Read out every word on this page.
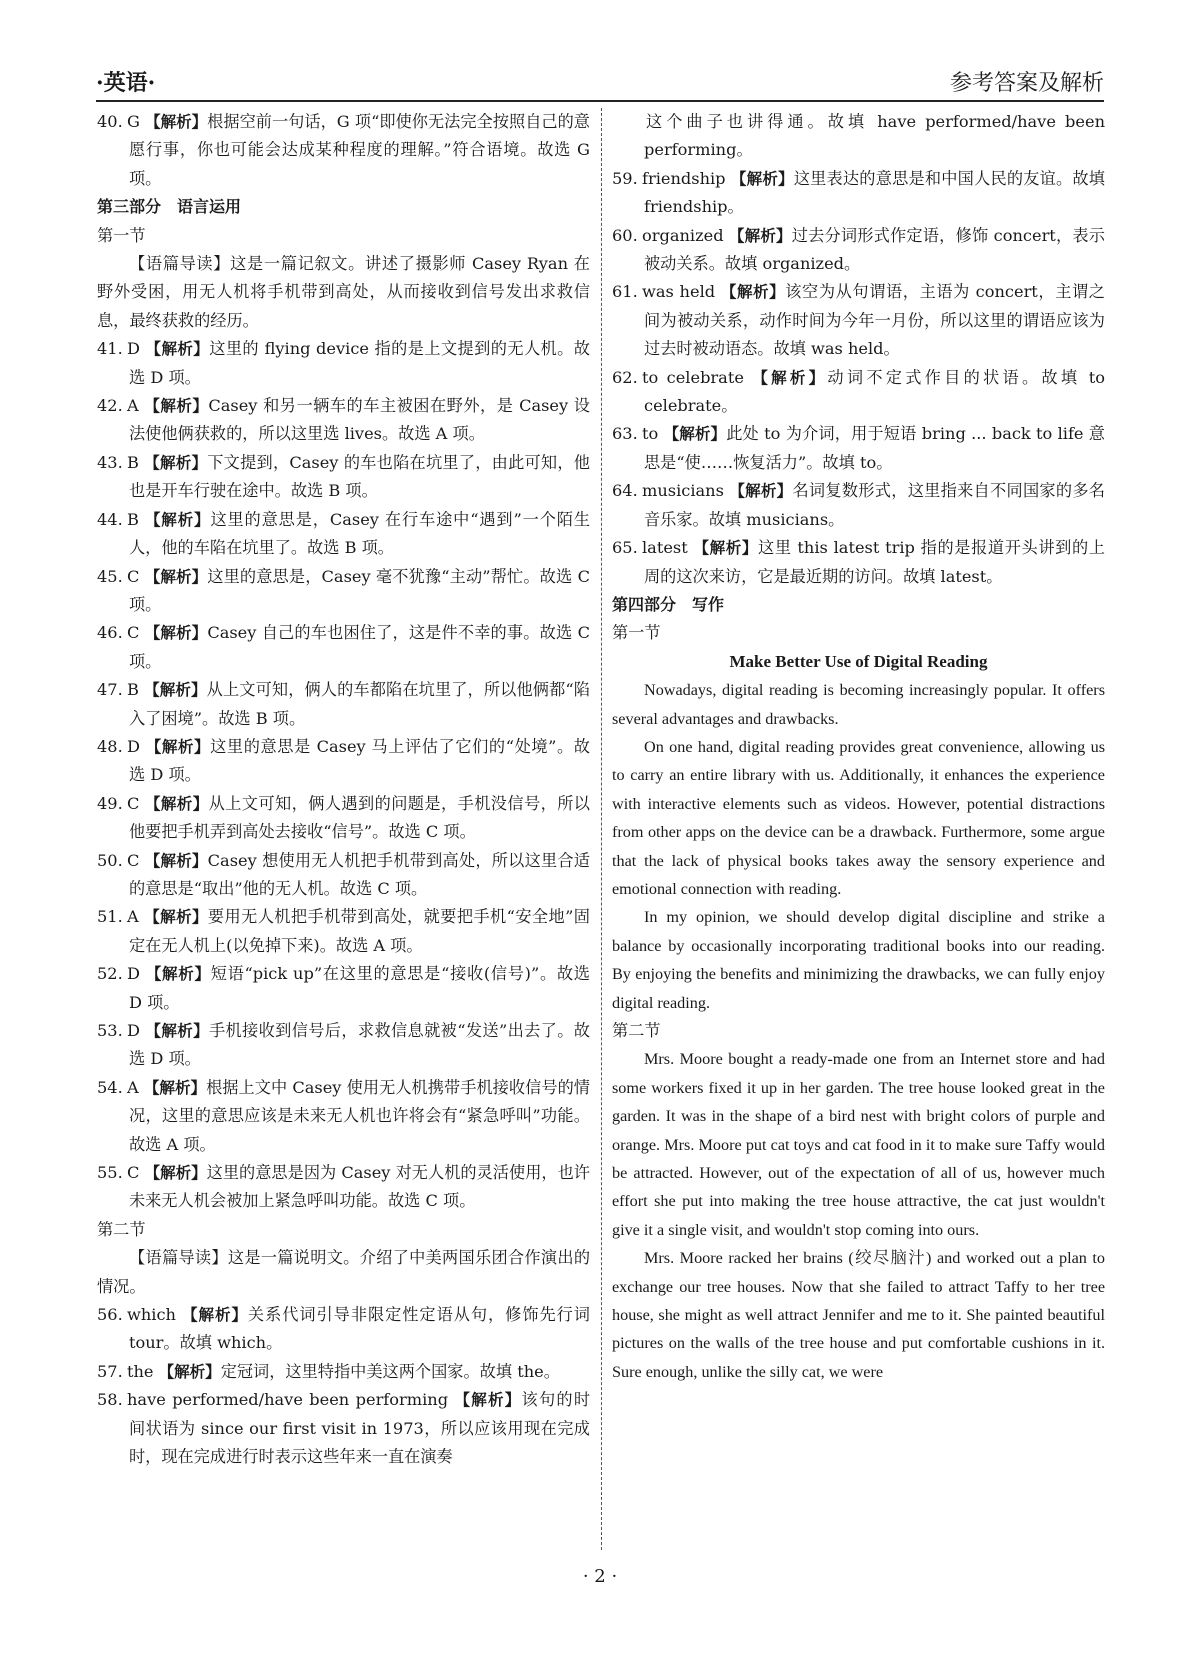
·英语·	参考答案及解析

40. G 【解析】根据空前一句话，G 项“即使你无法完全按照自己的意愿行事，你也可能会达成某种程度的理解。”符合语境。故选 G 项。

第三部分　语言运用

第一节

【语篇导读】这是一篇记叙文。讲述了摄影师 Casey Ryan 在野外受困，用无人机将手机带到高处，从而接收到信号发出求救信息，最终获救的经历。

41. D 【解析】这里的 flying device 指的是上文提到的无人机。故选 D 项。

42. A 【解析】Casey 和另一辆车的车主被困在野外，是 Casey 设法使他俩获救的，所以这里选 lives。故选 A 项。

43. B 【解析】下文提到，Casey 的车也陷在坑里了，由此可知，他也是开车行驶在途中。故选 B 项。

44. B 【解析】这里的意思是，Casey 在行车途中“遇到”一个陌生人，他的车陷在坑里了。故选 B 项。

45. C 【解析】这里的意思是，Casey 毫不犹豫“主动”帮忙。故选 C 项。

46. C 【解析】Casey 自己的车也困住了，这是件不幸的事。故选 C 项。

47. B 【解析】从上文可知，俩人的车都陷在坑里了，所以他俩都“陷入了困境”。故选 B 项。

48. D 【解析】这里的意思是 Casey 马上评估了它们的“处境”。故选 D 项。

49. C 【解析】从上文可知，俩人遇到的问题是，手机没信号，所以他要把手机弄到高处去接收“信号”。故选 C 项。

50. C 【解析】Casey 想使用无人机把手机带到高处，所以这里合适的意思是“取出”他的无人机。故选 C 项。

51. A 【解析】要用无人机把手机带到高处，就要把手机“安全地”固定在无人机上(以免掉下来)。故选 A 项。

52. D 【解析】短语“pick up”在这里的意思是“接收(信号)”。故选 D 项。

53. D 【解析】手机接收到信号后，求救信息就被“发送”出去了。故选 D 项。

54. A 【解析】根据上文中 Casey 使用无人机携带手机接收信号的情况，这里的意思应该是未来无人机也许将会有“紧急呼叫”功能。故选 A 项。

55. C 【解析】这里的意思是因为 Casey 对无人机的灵活使用，也许未来无人机会被加上紧急呼叫功能。故选 C 项。

第二节

【语篇导读】这是一篇说明文。介绍了中美两国乐团合作演出的情况。

56. which 【解析】关系代词引导非限定性定语从句，修饰先行词 tour。故填 which。

57. the 【解析】定冠词，这里特指中美这两个国家。故填 the。

58. have performed/have been performing 【解析】该句的时间状语为 since our first visit in 1973，所以应该用现在完成时，现在完成进行时表示这些年来一直在演奏

这个曲子也讲得通。故填 have performed/have been performing。

59. friendship 【解析】这里表达的意思是和中国人民的友谊。故填 friendship。

60. organized 【解析】过去分词形式作定语，修饰 concert，表示被动关系。故填 organized。

61. was held 【解析】该空为从句谓语，主语为 concert，主谓之间为被动关系，动作时间为今年一月份，所以这里的谓语应该为过去时被动语态。故填 was held。

62. to celebrate 【解析】动词不定式作目的状语。故填 to celebrate。

63. to 【解析】此处 to 为介词，用于短语 bring ... back to life 意思是“使……恢复活力”。故填 to。

64. musicians 【解析】名词复数形式，这里指来自不同国家的多名音乐家。故填 musicians。

65. latest 【解析】这里 this latest trip 指的是报道开头讲到的上周的这次来访，它是最近期的访问。故填 latest。

第四部分　写作

第一节

Make Better Use of Digital Reading

Nowadays, digital reading is becoming increasingly popular. It offers several advantages and drawbacks.

On one hand, digital reading provides great convenience, allowing us to carry an entire library with us. Additionally, it enhances the experience with interactive elements such as videos. However, potential distractions from other apps on the device can be a drawback. Furthermore, some argue that the lack of physical books takes away the sensory experience and emotional connection with reading.

In my opinion, we should develop digital discipline and strike a balance by occasionally incorporating traditional books into our reading. By enjoying the benefits and minimizing the drawbacks, we can fully enjoy digital reading.

第二节

Mrs. Moore bought a ready-made one from an Internet store and had some workers fixed it up in her garden. The tree house looked great in the garden. It was in the shape of a bird nest with bright colors of purple and orange. Mrs. Moore put cat toys and cat food in it to make sure Taffy would be attracted. However, out of the expectation of all of us, however much effort she put into making the tree house attractive, the cat just wouldn't give it a single visit, and wouldn't stop coming into ours.

Mrs. Moore racked her brains (绞尽脑汁) and worked out a plan to exchange our tree houses. Now that she failed to attract Taffy to her tree house, she might as well attract Jennifer and me to it. She painted beautiful pictures on the walls of the tree house and put comfortable cushions in it. Sure enough, unlike the silly cat, we were

· 2 ·
